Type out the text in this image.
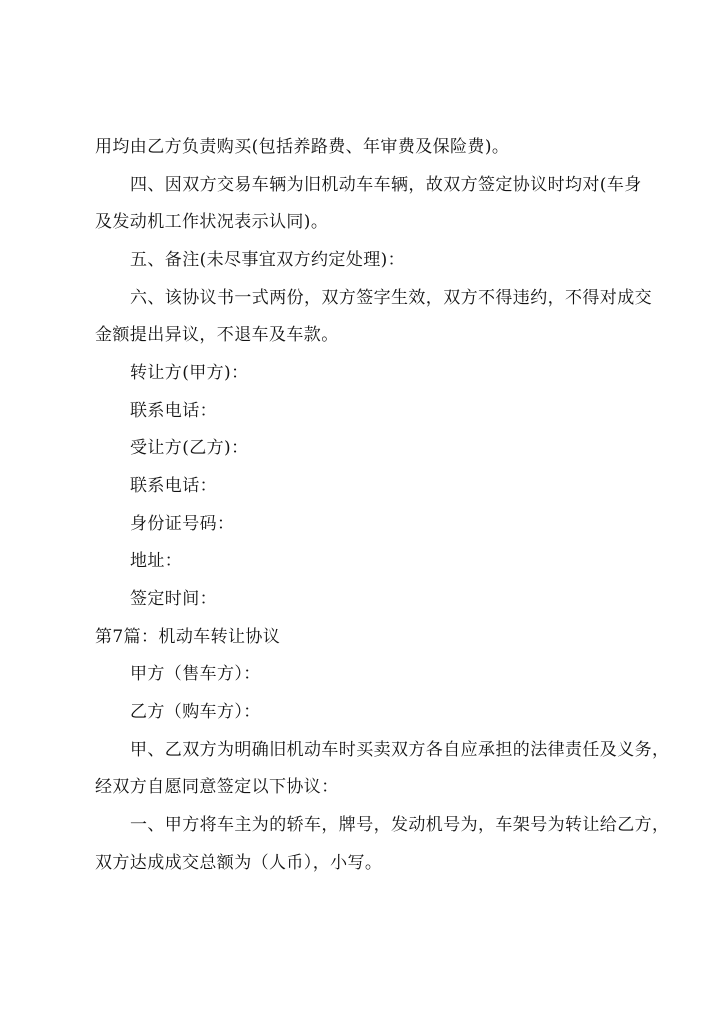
用均由乙方负责购买(包括养路费、年审费及保险费)。
四、因双方交易车辆为旧机动车车辆，故双方签定协议时均对(车身
及发动机工作状况表示认同)。
五、备注(未尽事宜双方约定处理)：
六、该协议书一式两份，双方签字生效，双方不得违约，不得对成交
金额提出异议，不退车及车款。
转让方(甲方)：
联系电话：
受让方(乙方)：
联系电话：
身份证号码：
地址：
签定时间：
第7篇：机动车转让协议
甲方（售车方）：
乙方（购车方）：
甲、乙双方为明确旧机动车时买卖双方各自应承担的法律责任及义务，
经双方自愿同意签定以下协议：
一、甲方将车主为的轿车，牌号，发动机号为，车架号为转让给乙方，
双方达成成交总额为（人币），小写。
